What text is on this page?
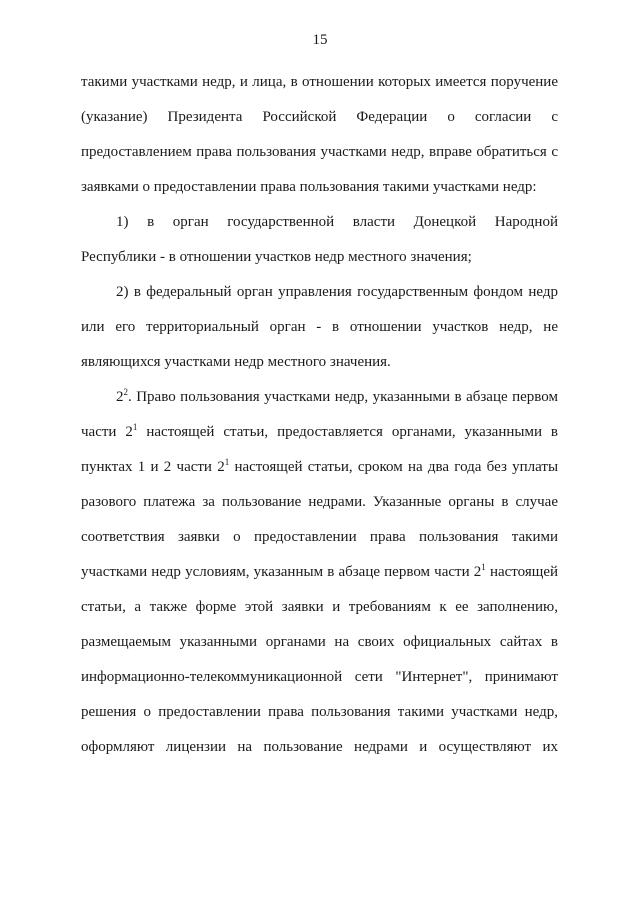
15
такими участками недр, и лица, в отношении которых имеется поручение
(указание) Президента Российской Федерации о согласии с
предоставлением права пользования участками недр, вправе обратиться с
заявками о предоставлении права пользования такими участками недр:
1) в орган государственной власти Донецкой Народной
Республики - в отношении участков недр местного значения;
2) в федеральный орган управления государственным фондом недр
или его территориальный орган - в отношении участков недр, не
являющихся участками недр местного значения.
$2^2$. Право пользования участками недр, указанными в абзаце первом
части $2^1$ настоящей статьи, предоставляется органами, указанными в
пунктах 1 и 2 части $2^1$ настоящей статьи, сроком на два года без уплаты
разового платежа за пользование недрами. Указанные органы в случае
соответствия заявки о предоставлении права пользования такими
участками недр условиям, указанным в абзаце первом части $2^1$ настоящей
статьи, а также форме этой заявки и требованиям к ее заполнению,
размещаемым указанными органами на своих официальных сайтах в
информационно-телекоммуникационной сети "Интернет", принимают
решения о предоставлении права пользования такими участками недр,
оформляют лицензии на пользование недрами и осуществляют их
